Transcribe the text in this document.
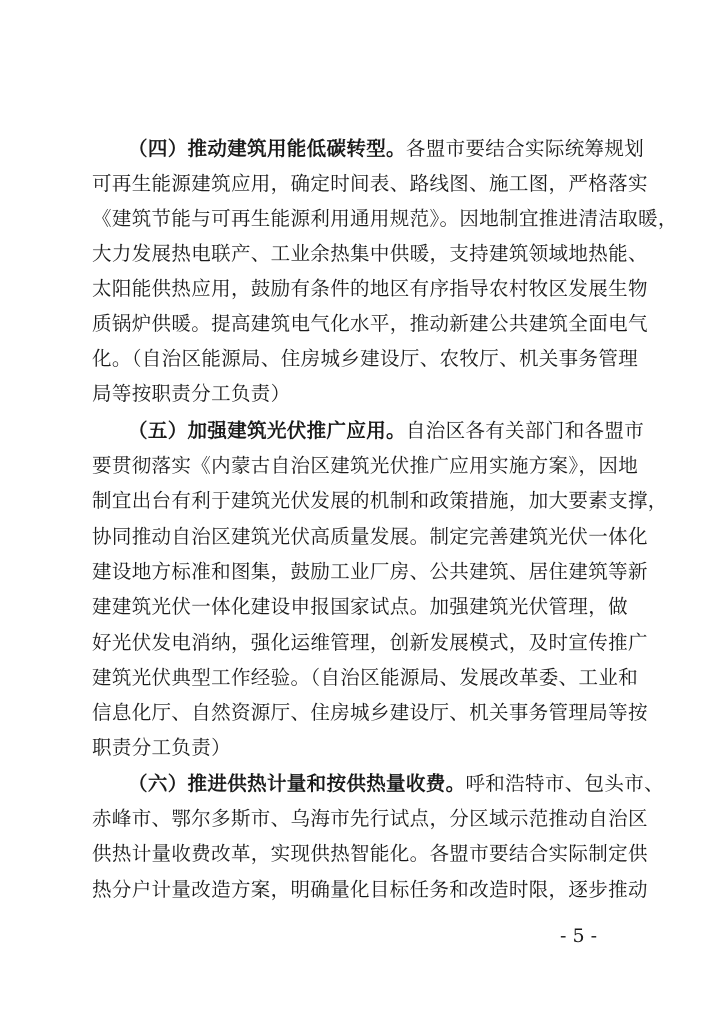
（四）推动建筑用能低碳转型。各盟市要结合实际统筹规划
可再生能源建筑应用，确定时间表、路线图、施工图，严格落实
《建筑节能与可再生能源利用通用规范》。因地制宜推进清洁取暖，
大力发展热电联产、工业余热集中供暖，支持建筑领域地热能、
太阳能供热应用，鼓励有条件的地区有序指导农村牧区发展生物
质锅炉供暖。提高建筑电气化水平，推动新建公共建筑全面电气
化。（自治区能源局、住房城乡建设厅、农牧厅、机关事务管理
局等按职责分工负责）
（五）加强建筑光伏推广应用。自治区各有关部门和各盟市
要贯彻落实《内蒙古自治区建筑光伏推广应用实施方案》，因地
制宜出台有利于建筑光伏发展的机制和政策措施，加大要素支撑，
协同推动自治区建筑光伏高质量发展。制定完善建筑光伏一体化
建设地方标准和图集，鼓励工业厂房、公共建筑、居住建筑等新
建建筑光伏一体化建设申报国家试点。加强建筑光伏管理，做
好光伏发电消纳，强化运维管理，创新发展模式，及时宣传推广
建筑光伏典型工作经验。（自治区能源局、发展改革委、工业和
信息化厅、自然资源厅、住房城乡建设厅、机关事务管理局等按
职责分工负责）
（六）推进供热计量和按供热量收费。呼和浩特市、包头市、
赤峰市、鄂尔多斯市、乌海市先行试点，分区域示范推动自治区
供热计量收费改革，实现供热智能化。各盟市要结合实际制定供
热分户计量改造方案，明确量化目标任务和改造时限，逐步推动
- 5 -
